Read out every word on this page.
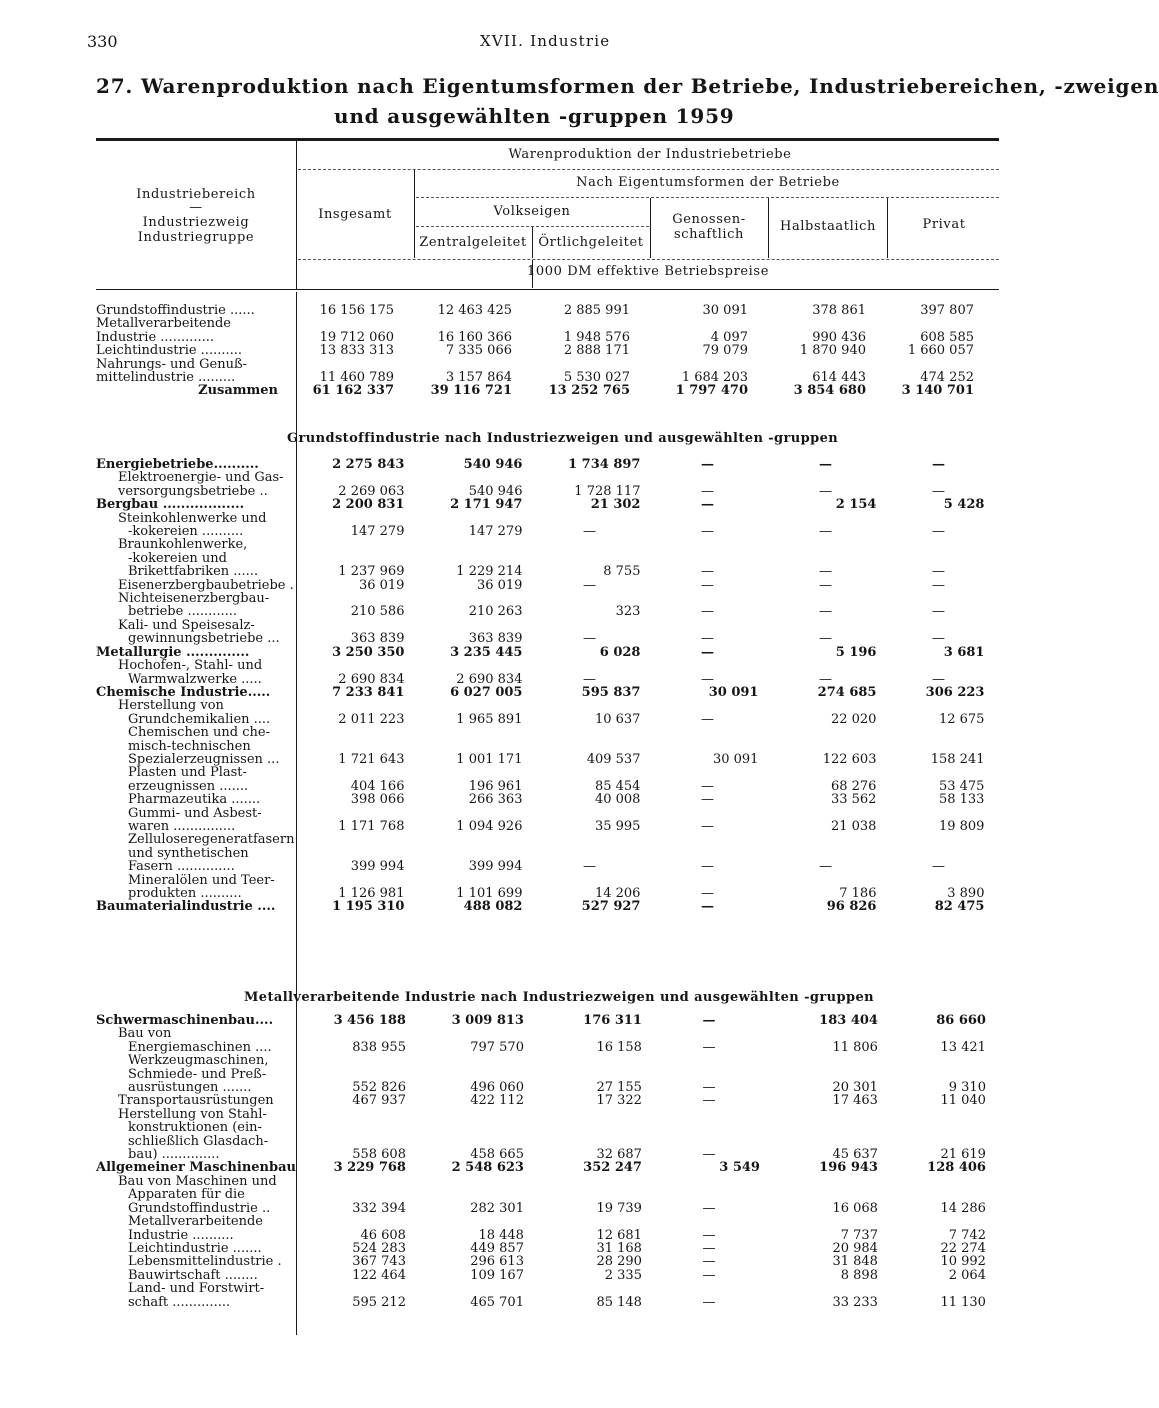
330	XVII. Industrie
27. Warenproduktion nach Eigentumsformen der Betriebe, Industriebereichen, -zweigen
und ausgewählten -gruppen 1959
Industriebereich
—
Industriezweig
Industriegruppe
Warenproduktion der Industriebetriebe
Insgesamt
Nach Eigentumsformen der Betriebe
Volkseigen
Zentralgeleitet Örtlichgeleitet
Genossen-
schaftlich
Halbstaatlich	Privat
1000 DM effektive Betriebspreise
Grundstoffindustrie nach Industriezweigen und ausgewählten -gruppen
Metallverarbeitende Industrie nach Industriezweigen und ausgewählten -gruppen
Grundstoffindustrie ......	16 156 175	12 463 425	2 885 991	30 091	378 861	397 807
Metallverarbeitende						
Industrie .............	19 712 060	16 160 366	1 948 576	4 097	990 436	608 585
Leichtindustrie ..........	13 833 313	7 335 066	2 888 171	79 079	1 870 940	1 660 057
Nahrungs- und Genuß-						
mittelindustrie .........	11 460 789	3 157 864	5 530 027	1 684 203	614 443	474 252
Zusammen	61 162 337	39 116 721	13 252 765	1 797 470	3 854 680	3 140 701
Energiebetriebe..........	2 275 843	540 946	1 734 897	—	—	—
Elektroenergie- und Gas-						
versorgungsbetriebe ..	2 269 063	540 946	1 728 117	—	—	—
Bergbau ..................	2 200 831	2 171 947	21 302	—	2 154	5 428
Steinkohlenwerke und						
-kokereien ..........	147 279	147 279	—	—	—	—
Braunkohlenwerke,						
-kokereien und						
Brikettfabriken ......	1 237 969	1 229 214	8 755	—	—	—
Eisenerzbergbaubetriebe .	36 019	36 019	—	—	—	—
Nichteisenerzbergbau-						
betriebe ............	210 586	210 263	323	—	—	—
Kali- und Speisesalz-						
gewinnungsbetriebe ...	363 839	363 839	—	—	—	—
Metallurgie ..............	3 250 350	3 235 445	6 028	—	5 196	3 681
Hochofen-, Stahl- und						
Warmwalzwerke .....	2 690 834	2 690 834	—	—	—	—
Chemische Industrie.....	7 233 841	6 027 005	595 837	30 091	274 685	306 223
Herstellung von						
Grundchemikalien ....	2 011 223	1 965 891	10 637	—	22 020	12 675
Chemischen und che-						
misch-technischen						
Spezialerzeugnissen ...	1 721 643	1 001 171	409 537	30 091	122 603	158 241
Plasten und Plast-						
erzeugnissen .......	404 166	196 961	85 454	—	68 276	53 475
Pharmazeutika .......	398 066	266 363	40 008	—	33 562	58 133
Gummi- und Asbest-						
waren ...............	1 171 768	1 094 926	35 995	—	21 038	19 809
Zelluloseregeneratfasern						
und synthetischen						
Fasern ..............	399 994	399 994	—	—	—	—
Mineralölen und Teer-						
produkten ..........	1 126 981	1 101 699	14 206	—	7 186	3 890
Baumaterialindustrie ....	1 195 310	488 082	527 927	—	96 826	82 475
Schwermaschinenbau....	3 456 188	3 009 813	176 311	—	183 404	86 660
Bau von						
Energiemaschinen ....	838 955	797 570	16 158	—	11 806	13 421
Werkzeugmaschinen,						
Schmiede- und Preß-						
ausrüstungen .......	552 826	496 060	27 155	—	20 301	9 310
Transportausrüstungen	467 937	422 112	17 322	—	17 463	11 040
Herstellung von Stahl-						
konstruktionen (ein-						
schließlich Glasdach-						
bau) ..............	558 608	458 665	32 687	—	45 637	21 619
Allgemeiner Maschinenbau	3 229 768	2 548 623	352 247	3 549	196 943	128 406
Bau von Maschinen und						
Apparaten für die						
Grundstoffindustrie ..	332 394	282 301	19 739	—	16 068	14 286
Metallverarbeitende						
Industrie ..........	46 608	18 448	12 681	—	7 737	7 742
Leichtindustrie .......	524 283	449 857	31 168	—	20 984	22 274
Lebensmittelindustrie .	367 743	296 613	28 290	—	31 848	10 992
Bauwirtschaft ........	122 464	109 167	2 335	—	8 898	2 064
Land- und Forstwirt-						
schaft ..............	595 212	465 701	85 148	—	33 233	11 130
